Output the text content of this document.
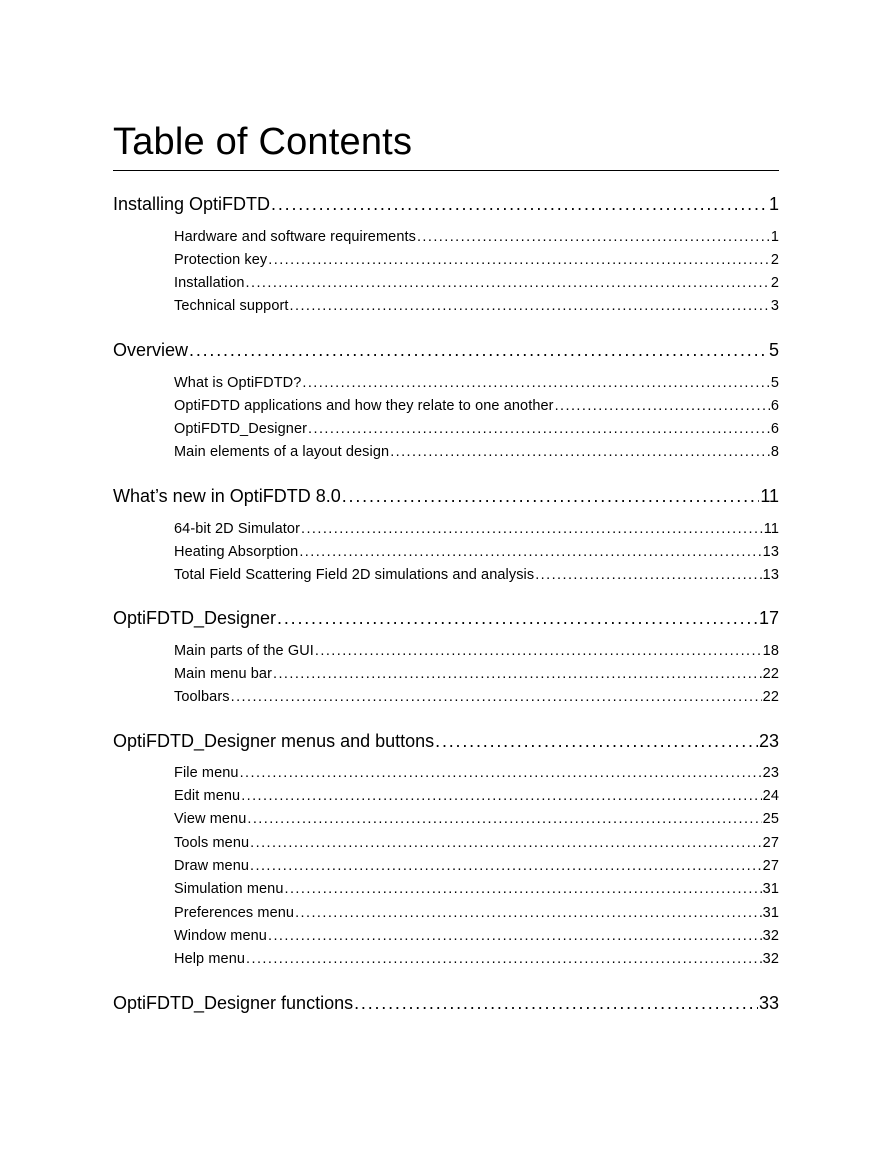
Table of Contents
Installing OptiFDTD . . .	1
Hardware and software requirements . . .	1
Protection key . . .	2
Installation . . .	2
Technical support . . .	3
Overview . . .	5
What is OptiFDTD? . . .	5
OptiFDTD applications and how they relate to one another . . .	6
OptiFDTD_Designer . . .	6
Main elements of a layout design . . .	8
What’s new in OptiFDTD 8.0 . . .	11
64-bit 2D Simulator . . .	11
Heating Absorption . . .	13
Total Field Scattering Field 2D simulations and analysis . . .	13
OptiFDTD_Designer . . .	17
Main parts of the GUI . . .	18
Main menu bar . . .	22
Toolbars . . .	22
OptiFDTD_Designer menus and buttons . . .	23
File menu . . .	23
Edit menu . . .	24
View menu . . .	25
Tools menu . . .	27
Draw menu . . .	27
Simulation menu . . .	31
Preferences menu . . .	31
Window menu . . .	32
Help menu . . .	32
OptiFDTD_Designer functions . . .	33
